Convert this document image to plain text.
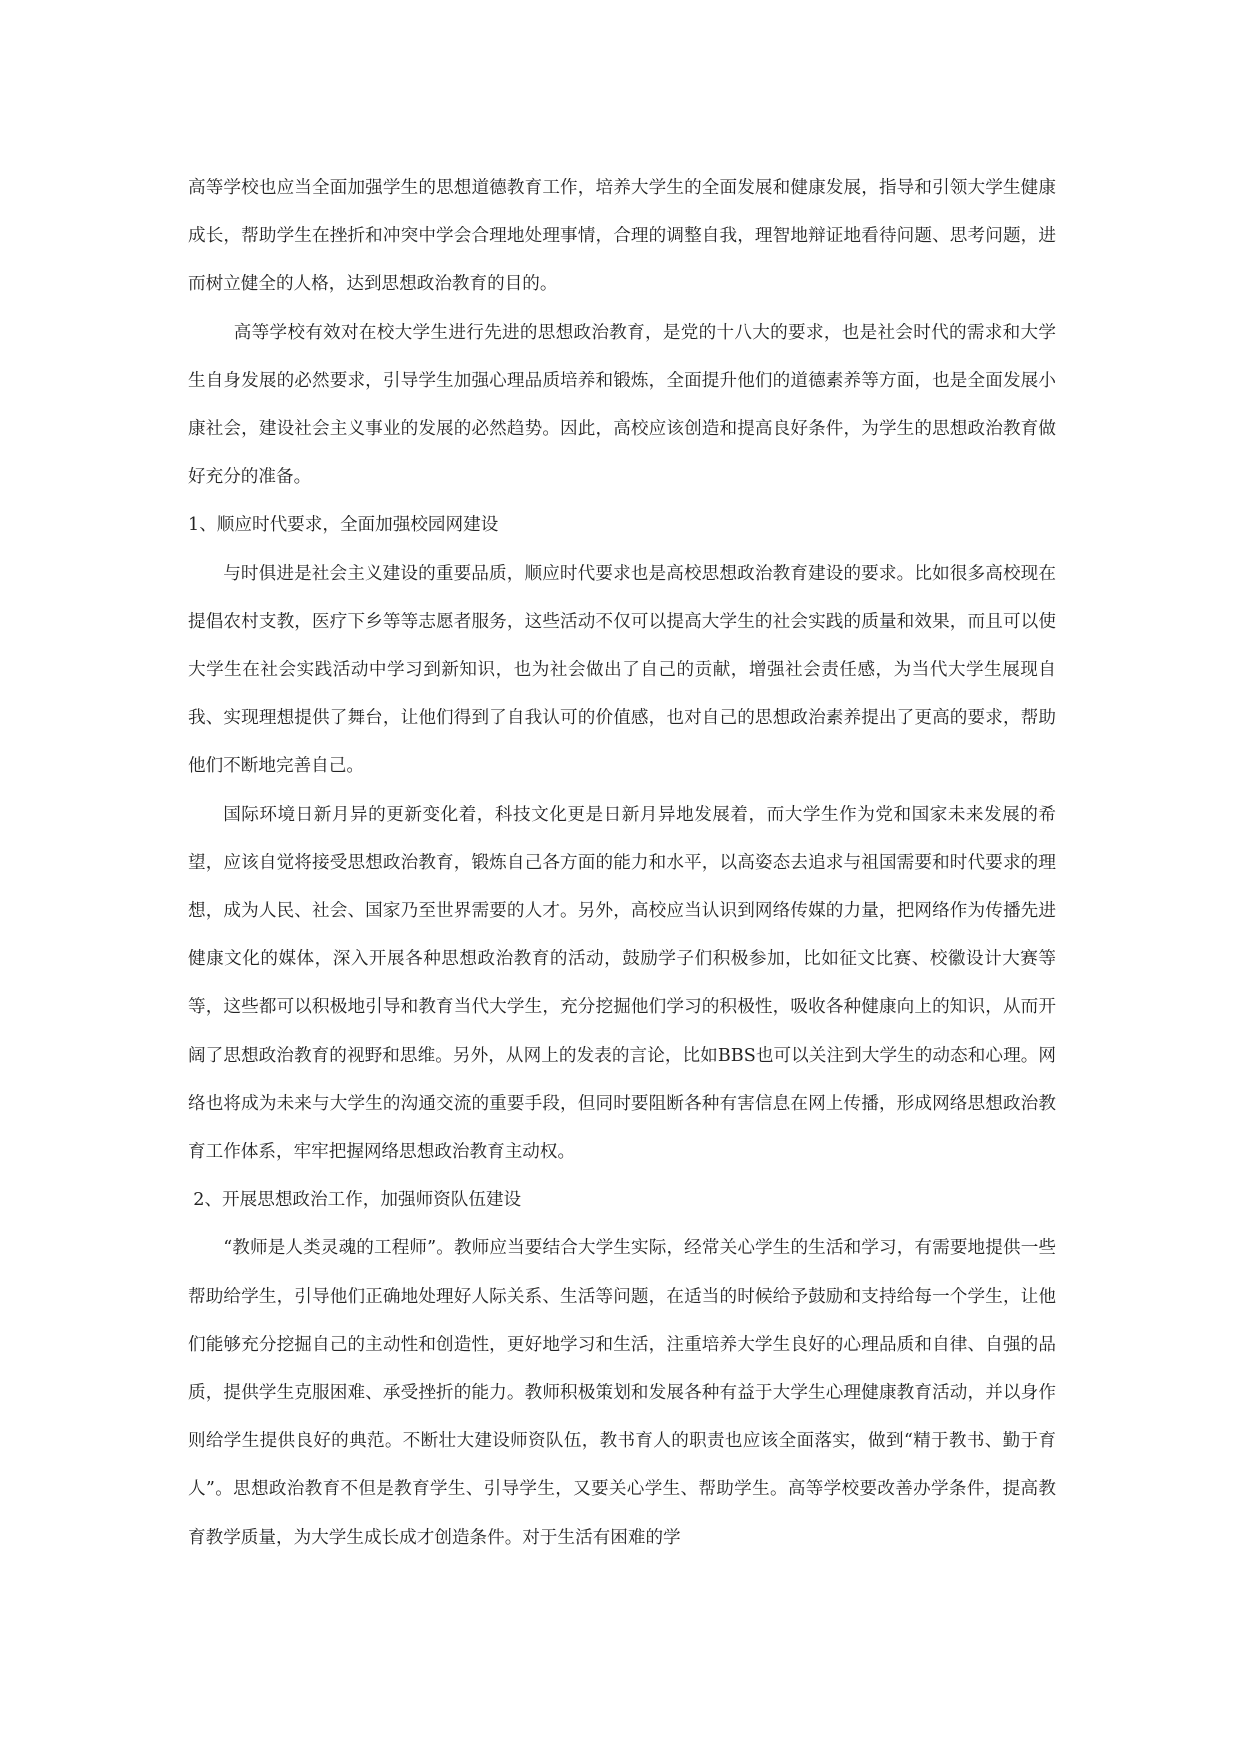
高等学校也应当全面加强学生的思想道德教育工作，培养大学生的全面发展和健康发展，指导和引领大学生健康成长，帮助学生在挫折和冲突中学会合理地处理事情，合理的调整自我，理智地辩证地看待问题、思考问题，进而树立健全的人格，达到思想政治教育的目的。

高等学校有效对在校大学生进行先进的思想政治教育，是党的十八大的要求，也是社会时代的需求和大学生自身发展的必然要求，引导学生加强心理品质培养和锻炼，全面提升他们的道德素养等方面，也是全面发展小康社会，建设社会主义事业的发展的必然趋势。因此，高校应该创造和提高良好条件，为学生的思想政治教育做好充分的准备。

1、顺应时代要求，全面加强校园网建设

与时俱进是社会主义建设的重要品质，顺应时代要求也是高校思想政治教育建设的要求。比如很多高校现在提倡农村支教，医疗下乡等等志愿者服务，这些活动不仅可以提高大学生的社会实践的质量和效果，而且可以使大学生在社会实践活动中学习到新知识，也为社会做出了自己的贡献，增强社会责任感，为当代大学生展现自我、实现理想提供了舞台，让他们得到了自我认可的价值感，也对自己的思想政治素养提出了更高的要求，帮助他们不断地完善自己。

国际环境日新月异的更新变化着，科技文化更是日新月异地发展着，而大学生作为党和国家未来发展的希望，应该自觉将接受思想政治教育，锻炼自己各方面的能力和水平，以高姿态去追求与祖国需要和时代要求的理想，成为人民、社会、国家乃至世界需要的人才。另外，高校应当认识到网络传媒的力量，把网络作为传播先进健康文化的媒体，深入开展各种思想政治教育的活动，鼓励学子们积极参加，比如征文比赛、校徽设计大赛等等，这些都可以积极地引导和教育当代大学生，充分挖掘他们学习的积极性，吸收各种健康向上的知识，从而开阔了思想政治教育的视野和思维。另外，从网上的发表的言论，比如BBS也可以关注到大学生的动态和心理。网络也将成为未来与大学生的沟通交流的重要手段，但同时要阻断各种有害信息在网上传播，形成网络思想政治教育工作体系，牢牢把握网络思想政治教育主动权。

2、开展思想政治工作，加强师资队伍建设

“教师是人类灵魂的工程师”。教师应当要结合大学生实际，经常关心学生的生活和学习，有需要地提供一些帮助给学生，引导他们正确地处理好人际关系、生活等问题，在适当的时候给予鼓励和支持给每一个学生，让他们能够充分挖掘自己的主动性和创造性，更好地学习和生活，注重培养大学生良好的心理品质和自律、自强的品质，提供学生克服困难、承受挫折的能力。教师积极策划和发展各种有益于大学生心理健康教育活动，并以身作则给学生提供良好的典范。不断壮大建设师资队伍，教书育人的职责也应该全面落实，做到“精于教书、勤于育人”。思想政治教育不但是教育学生、引导学生，又要关心学生、帮助学生。高等学校要改善办学条件，提高教育教学质量，为大学生成长成才创造条件。对于生活有困难的学
